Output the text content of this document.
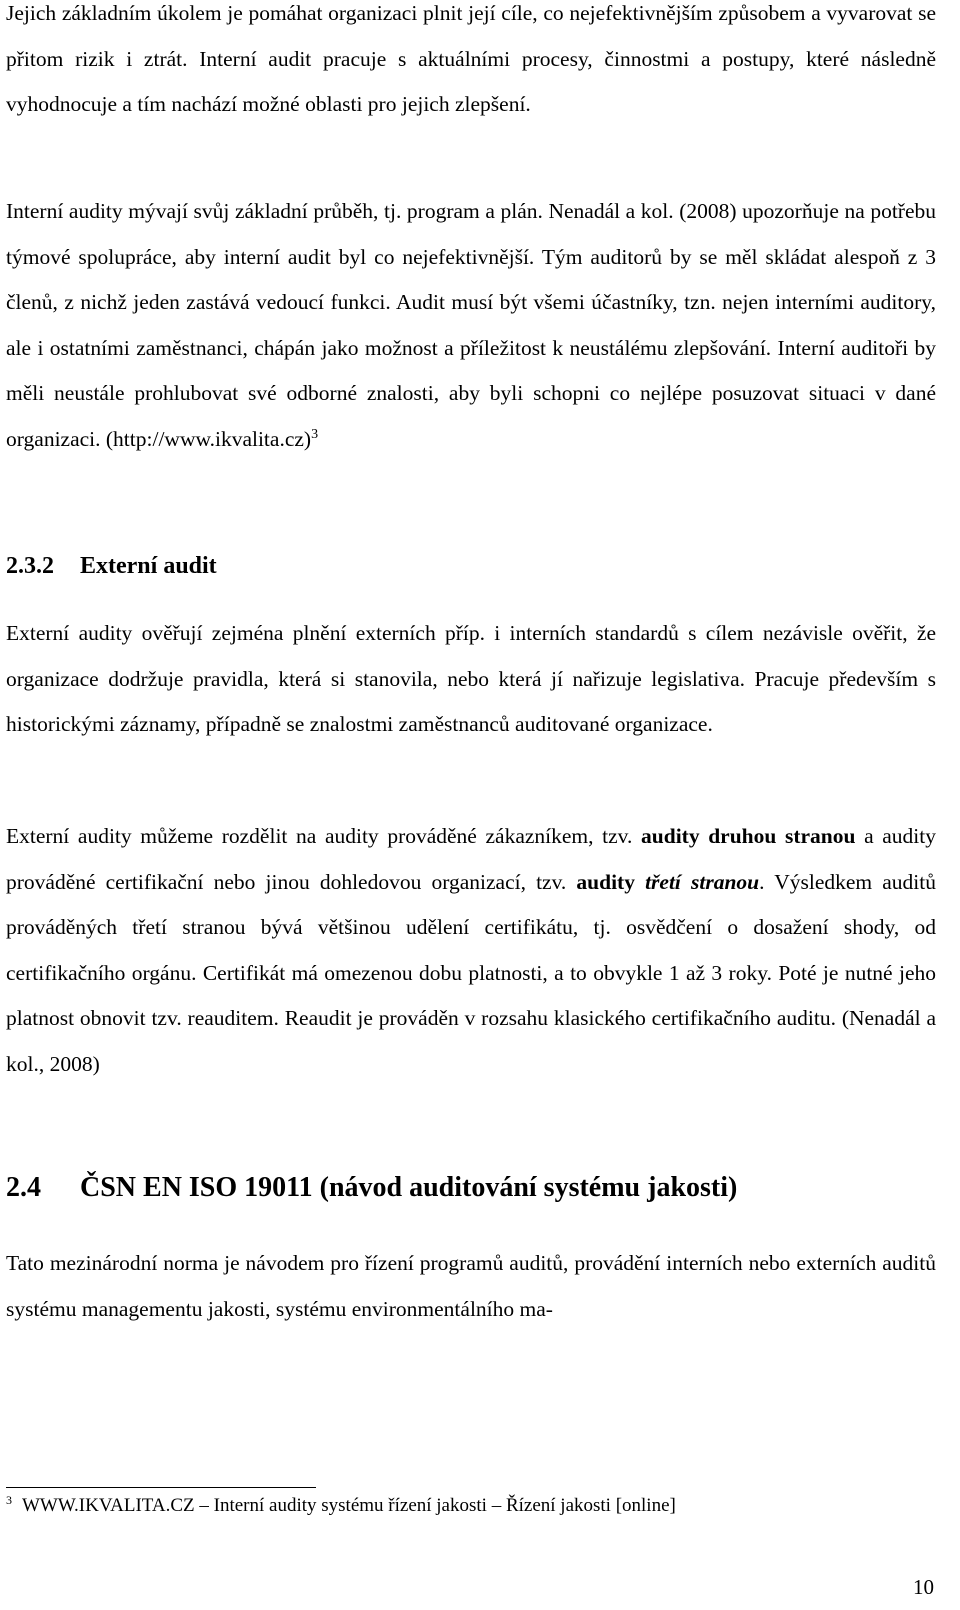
Jejich základním úkolem je pomáhat organizaci plnit její cíle, co nejefektivnějším způsobem a vyvarovat se přitom rizik i ztrát. Interní audit pracuje s aktuálními procesy, činnostmi a postupy, které následně vyhodnocuje a tím nachází možné oblasti pro jejich zlepšení.
Interní audity mývají svůj základní průběh, tj. program a plán. Nenadál a kol. (2008) upozorňuje na potřebu týmové spolupráce, aby interní audit byl co nejefektivnější. Tým auditorů by se měl skládat alespoň z 3 členů, z nichž jeden zastává vedoucí funkci. Audit musí být všemi účastníky, tzn. nejen interními auditory, ale i ostatními zaměstnanci, chápán jako možnost a příležitost k neustálému zlepšování. Interní auditoři by měli neustále prohlubovat své odborné znalosti, aby byli schopni co nejlépe posuzovat situaci v dané organizaci. (http://www.ikvalita.cz)$^3$
2.3.2 Externí audit
Externí audity ověřují zejména plnění externích příp. i interních standardů s cílem nezávisle ověřit, že organizace dodržuje pravidla, která si stanovila, nebo která jí nařizuje legislativa. Pracuje především s historickými záznamy, případně se znalostmi zaměstnanců auditované organizace.
Externí audity můžeme rozdělit na audity prováděné zákazníkem, tzv. audity druhou stranou a audity prováděné certifikační nebo jinou dohledovou organizací, tzv. audity třetí stranou. Výsledkem auditů prováděných třetí stranou bývá většinou udělení certifikátu, tj. osvědčení o dosažení shody, od certifikačního orgánu. Certifikát má omezenou dobu platnosti, a to obvykle 1 až 3 roky. Poté je nutné jeho platnost obnovit tzv. reauditem. Reaudit je prováděn v rozsahu klasického certifikačního auditu. (Nenadál a kol., 2008)
2.4 ČSN EN ISO 19011 (návod auditování systému jakosti)
Tato mezinárodní norma je návodem pro řízení programů auditů, provádění interních nebo externích auditů systému managementu jakosti, systému environmentálního ma-
$^3$ WWW.IKVALITA.CZ – Interní audity systému řízení jakosti – Řízení jakosti [online]
10
